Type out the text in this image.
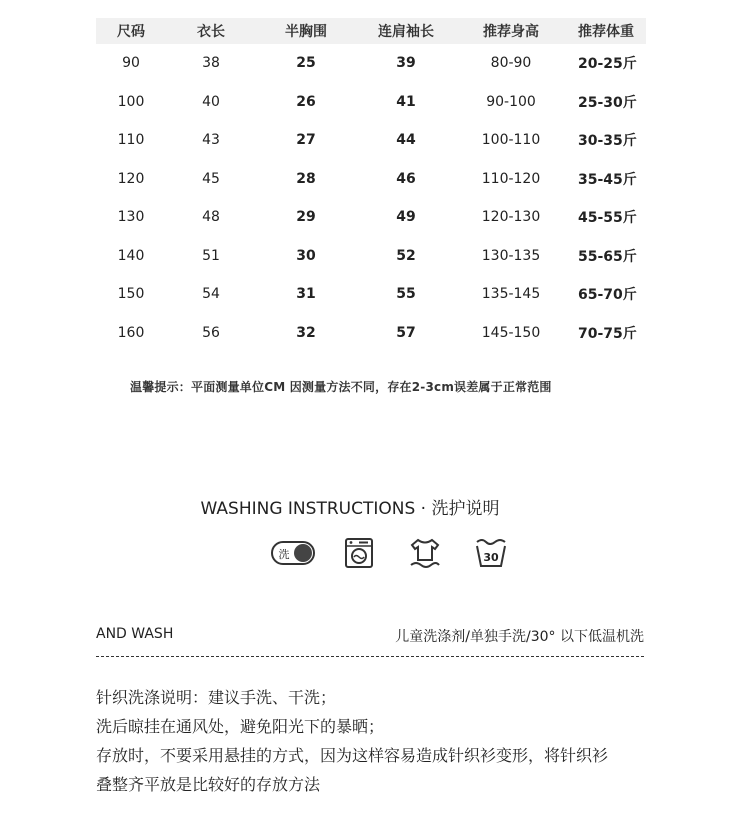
尺码	衣长	半胸围	连肩袖长	推荐身高	推荐体重
90	38	25	39	80-90	20-25斤
100	40	26	41	90-100	25-30斤
110	43	27	44	100-110	30-35斤
120	45	28	46	110-120	35-45斤
130	48	29	49	120-130	45-55斤
140	51	30	52	130-135	55-65斤
150	54	31	55	135-145	65-70斤
160	56	32	57	145-150	70-75斤
温馨提示：平面测量单位CM 因测量方法不同，存在2-3cm误差属于正常范围
WASHING INSTRUCTIONS · 洗护说明
洗	30
AND WASH	儿童洗涤剂/单独手洗/30° 以下低温机洗
针织洗涤说明：建议手洗、干洗；
洗后晾挂在通风处，避免阳光下的暴晒；
存放时，不要采用悬挂的方式，因为这样容易造成针织衫变形，将针织衫
叠整齐平放是比较好的存放方法
